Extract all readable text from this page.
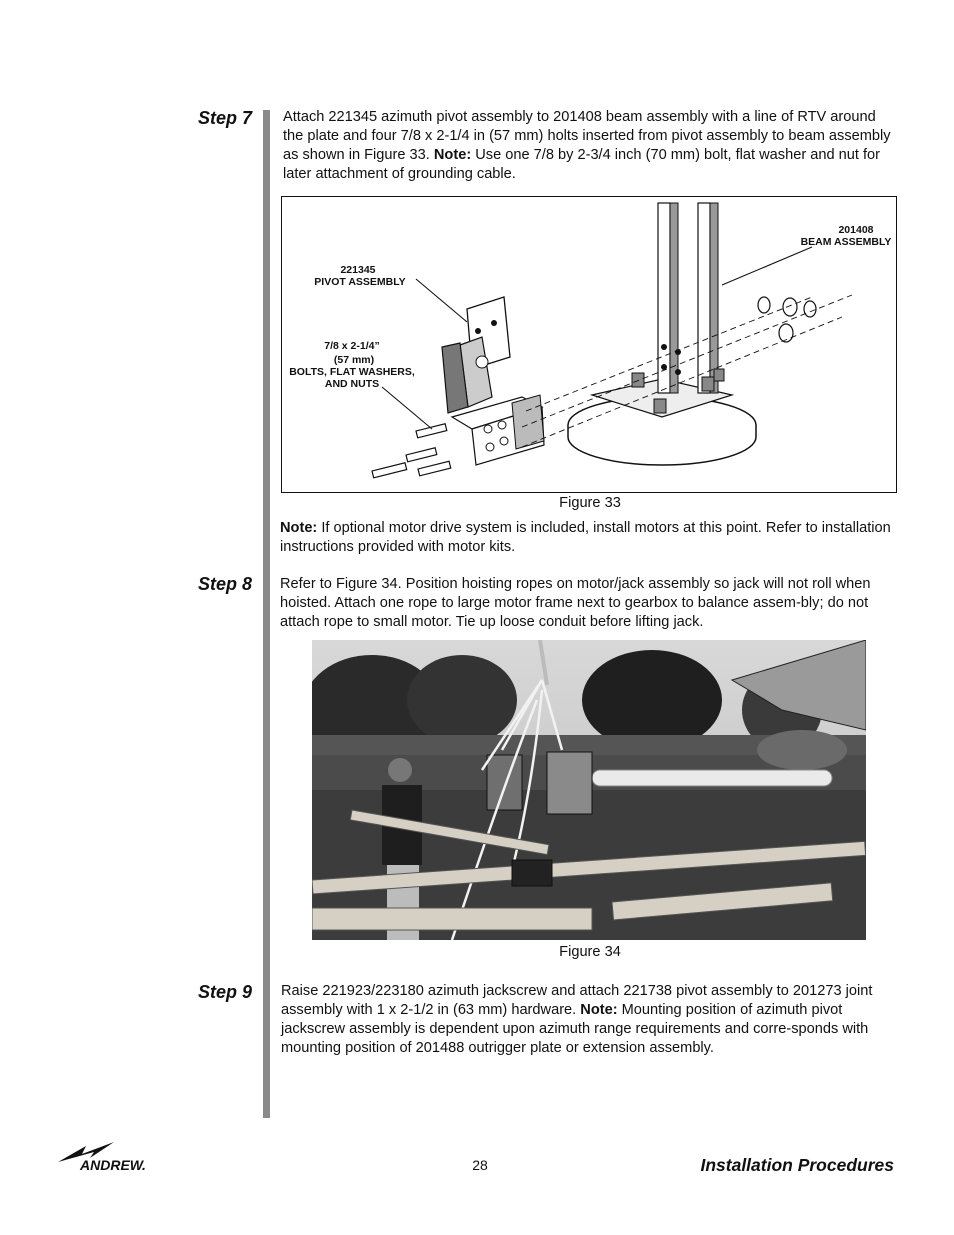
Step 7 Attach 221345 azimuth pivot assembly to 201408 beam assembly with a line of RTV around the plate and four 7/8 x 2-1/4 in (57 mm) holts inserted from pivot assembly to beam assembly as shown in Figure 33. Note: Use one 7/8 by 2-3/4 inch (70 mm) bolt, flat washer and nut for later attachment of grounding cable.
201408
BEAM ASSEMBLY
221345
PIVOT ASSEMBLY
7/8 x 2-1/4”
(57 mm)
BOLTS, FLAT WASHERS,
AND NUTS
Figure 33
Note: If optional motor drive system is included, install motors at this point. Refer to installation instructions provided with motor kits.
Step 8 Refer to Figure 34. Position hoisting ropes on motor/jack assembly so jack will not roll when hoisted. Attach one rope to large motor frame next to gearbox to balance assem-bly; do not attach rope to small motor. Tie up loose conduit before lifting jack.
Figure 34
Step 9 Raise 221923/223180 azimuth jackscrew and attach 221738 pivot assembly to 201273 joint assembly with 1 x 2-1/2 in (63 mm) hardware. Note: Mounting position of azimuth pivot jackscrew assembly is dependent upon azimuth range requirements and corre-sponds with mounting position of 201488 outrigger plate or extension assembly.
ANDREW.	28	Installation Procedures
